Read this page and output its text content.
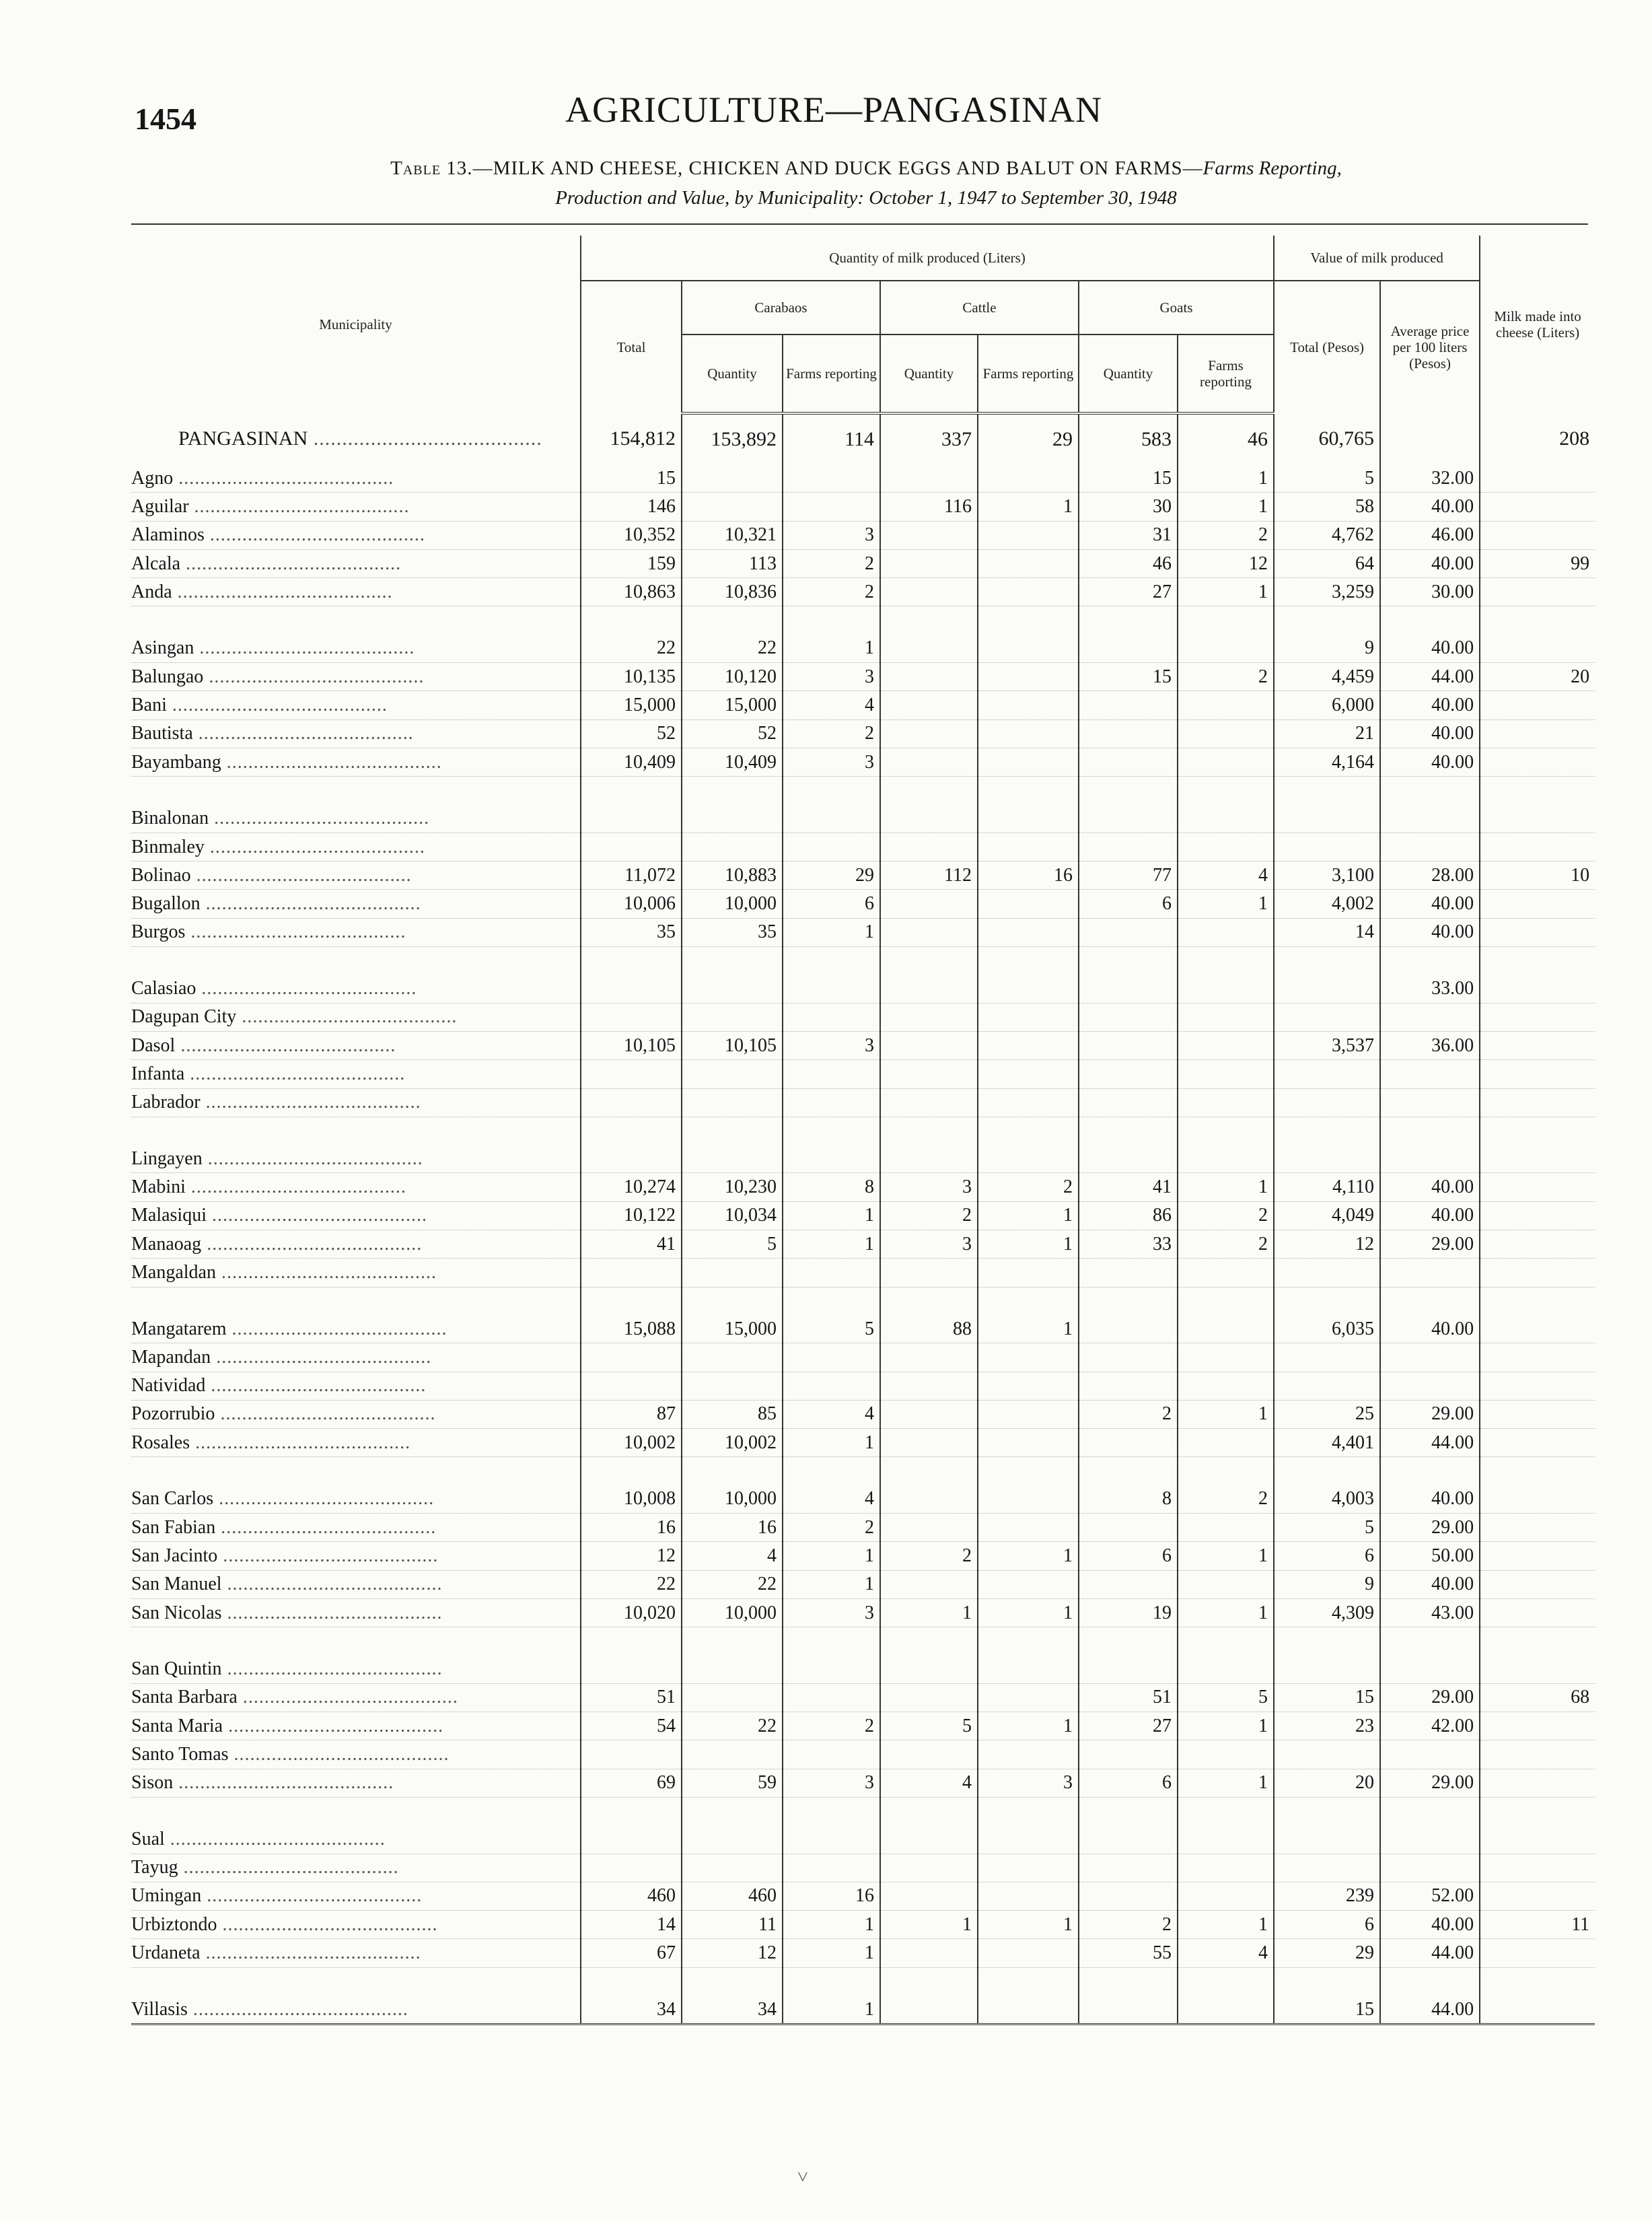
1454	AGRICULTURE—PANGASINAN
Table 13.—MILK AND CHEESE, CHICKEN AND DUCK EGGS AND BALUT ON FARMS—Farms Reporting,
Production and Value, by Municipality: October 1, 1947 to September 30, 1948
Municipality	Quantity of milk produced (Liters)							Value of milk produced		Milk made into cheese (Liters)
	Total	Carabaos		Cattle		Goats		Total (Pesos)	Average price per 100 liters (Pesos)	
		Quantity	Farms reporting	Quantity	Farms reporting	Quantity	Farms reporting			
PANGASINAN .....	154,812	153,892	114	337	29	583	46	60,765		208
Agno .....	15					15	1	5	32.00	
Aguilar .....	146			116	1	30	1	58	40.00	
Alaminos .....	10,352	10,321	3			31	2	4,762	46.00	
Alcala .....	159	113	2			46	12	64	40.00	99
Anda .....	10,863	10,836	2			27	1	3,259	30.00	

Asingan .....	22	22	1					9	40.00	
Balungao .....	10,135	10,120	3			15	2	4,459	44.00	20
Bani .....	15,000	15,000	4					6,000	40.00	
Bautista .....	52	52	2					21	40.00	
Bayambang .....	10,409	10,409	3					4,164	40.00	

Binalonan .....										
Binmaley .....										
Bolinao .....	11,072	10,883	29	112	16	77	4	3,100	28.00	10
Bugallon .....	10,006	10,000	6			6	1	4,002	40.00	
Burgos .....	35	35	1					14	40.00	

Calasiao .....									33.00	
Dagupan City .....										
Dasol .....	10,105	10,105	3					3,537	36.00	
Infanta .....										
Labrador .....										

Lingayen .....										
Mabini .....	10,274	10,230	8	3	2	41	1	4,110	40.00	
Malasiqui .....	10,122	10,034	1	2	1	86	2	4,049	40.00	
Manaoag .....	41	5	1	3	1	33	2	12	29.00	
Mangaldan .....										

Mangatarem .....	15,088	15,000	5	88	1			6,035	40.00	
Mapandan .....										
Natividad .....										
Pozorrubio .....	87	85	4			2	1	25	29.00	
Rosales .....	10,002	10,002	1					4,401	44.00	

San Carlos .....	10,008	10,000	4			8	2	4,003	40.00	
San Fabian .....	16	16	2					5	29.00	
San Jacinto .....	12	4	1	2	1	6	1	6	50.00	
San Manuel .....	22	22	1					9	40.00	
San Nicolas .....	10,020	10,000	3	1	1	19	1	4,309	43.00	

San Quintin .....										
Santa Barbara .....	51					51	5	15	29.00	68
Santa Maria .....	54	22	2	5	1	27	1	23	42.00	
Santo Tomas .....										
Sison .....	69	59	3	4	3	6	1	20	29.00	

Sual .....										
Tayug .....										
Umingan .....	460	460	16					239	52.00	
Urbiztondo .....	14	11	1	1	1	2	1	6	40.00	11
Urdaneta .....	67	12	1			55	4	29	44.00	

Villasis .....	34	34	1					15	44.00	
˅
